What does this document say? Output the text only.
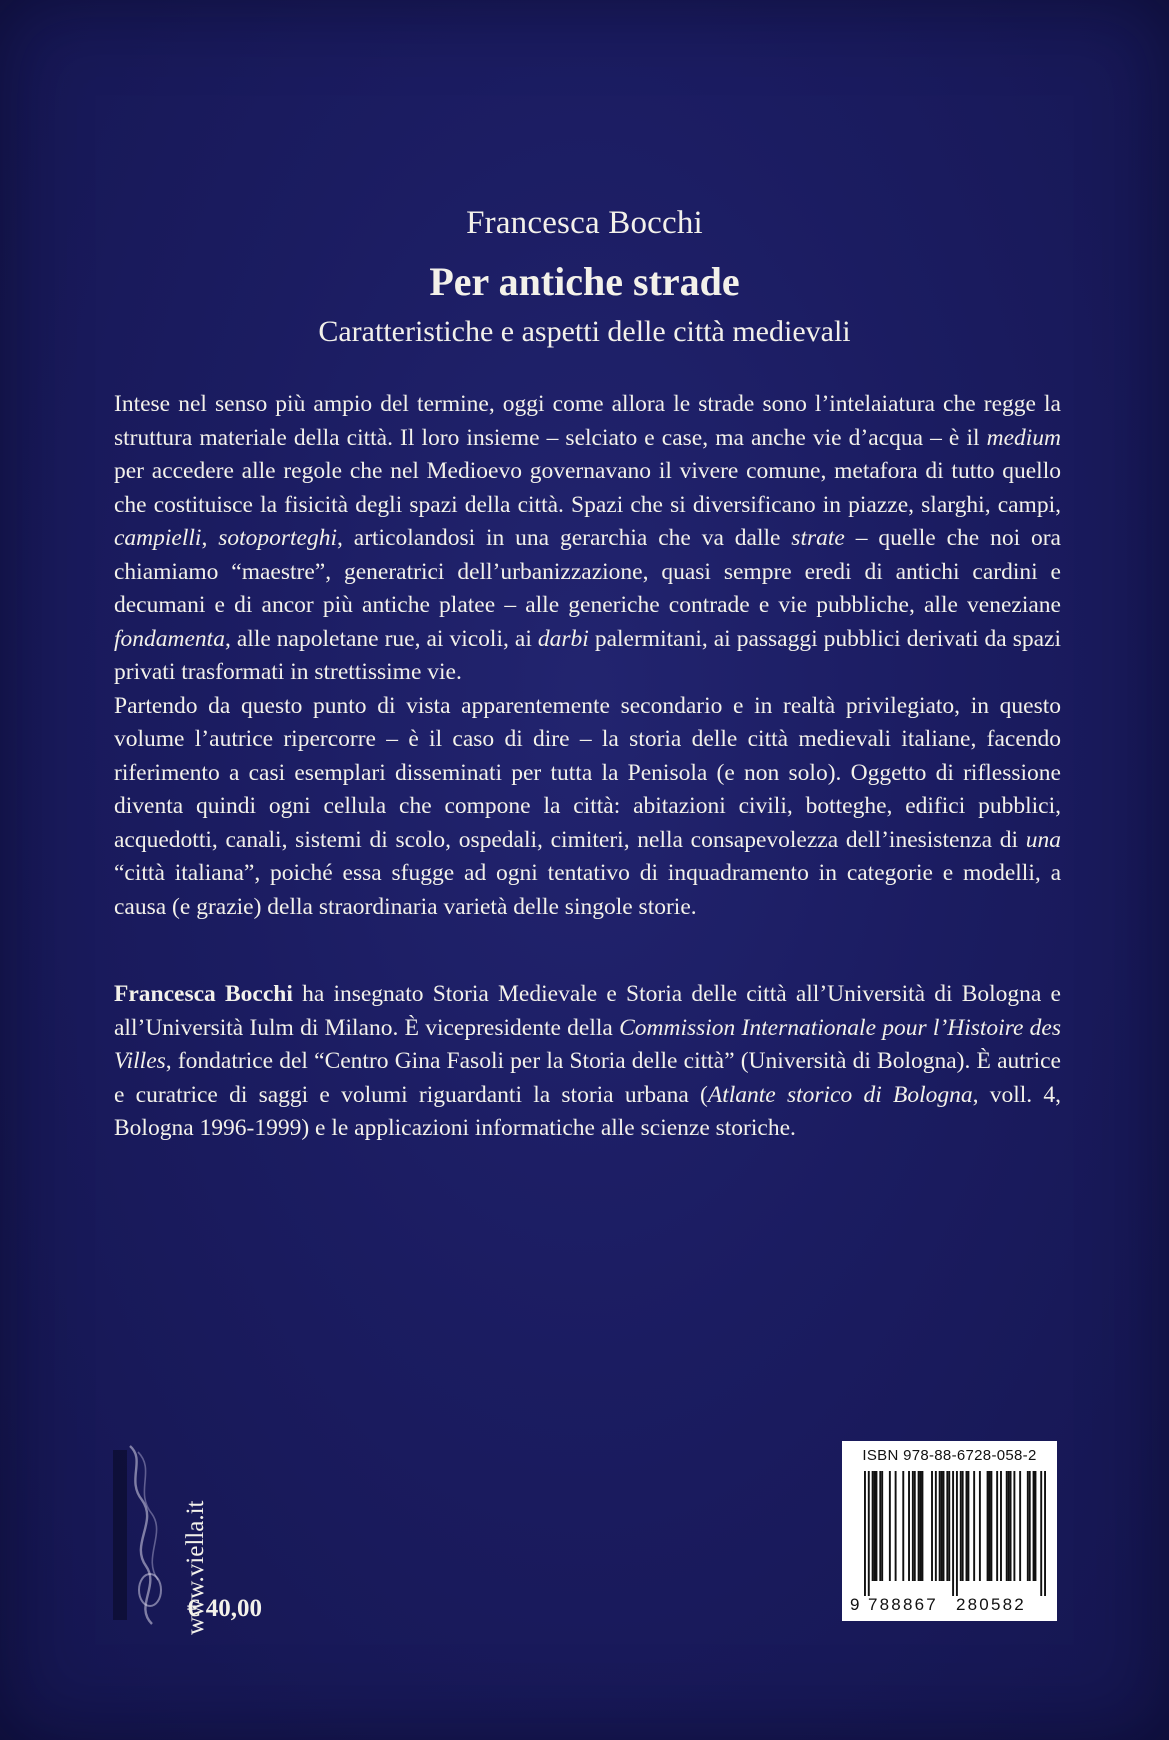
Francesca Bocchi
Per antiche strade
Caratteristiche e aspetti delle città medievali

Intese nel senso più ampio del termine, oggi come allora le strade sono l’intelaiatura che regge la struttura materiale della città. Il loro insieme – selciato e case, ma anche vie d’acqua – è il medium per accedere alle regole che nel Medioevo governavano il vivere comune, metafora di tutto quello che costituisce la fisicità degli spazi della città. Spazi che si diversificano in piazze, slarghi, campi, campielli, sotoporteghi, articolandosi in una gerarchia che va dalle strate – quelle che noi ora chiamiamo “maestre”, generatrici dell’urbanizzazione, quasi sempre eredi di antichi cardini e decumani e di ancor più antiche platee – alle generiche contrade e vie pubbliche, alle veneziane fondamenta, alle napoletane rue, ai vicoli, ai darbi palermitani, ai passaggi pubblici derivati da spazi privati trasformati in strettissime vie.

Partendo da questo punto di vista apparentemente secondario e in realtà privilegiato, in questo volume l’autrice ripercorre – è il caso di dire – la storia delle città medievali italiane, facendo riferimento a casi esemplari disseminati per tutta la Penisola (e non solo). Oggetto di riflessione diventa quindi ogni cellula che compone la città: abitazioni civili, botteghe, edifici pubblici, acquedotti, canali, sistemi di scolo, ospedali, cimiteri, nella consapevolezza dell’inesistenza di una “città italiana”, poiché essa sfugge ad ogni tentativo di inquadramento in categorie e modelli, a causa (e grazie) della straordinaria varietà delle singole storie.

Francesca Bocchi ha insegnato Storia Medievale e Storia delle città all’Università di Bologna e all’Università Iulm di Milano. È vicepresidente della Commission Internationale pour l’Histoire des Villes, fondatrice del “Centro Gina Fasoli per la Storia delle città” (Università di Bologna). È autrice e curatrice di saggi e volumi riguardanti la storia urbana (Atlante storico di Bologna, voll. 4, Bologna 1996-1999) e le applicazioni informatiche alle scienze storiche.

www.viella.it
€ 40,00
ISBN 978-88-6728-058-2
9 788867 280582
